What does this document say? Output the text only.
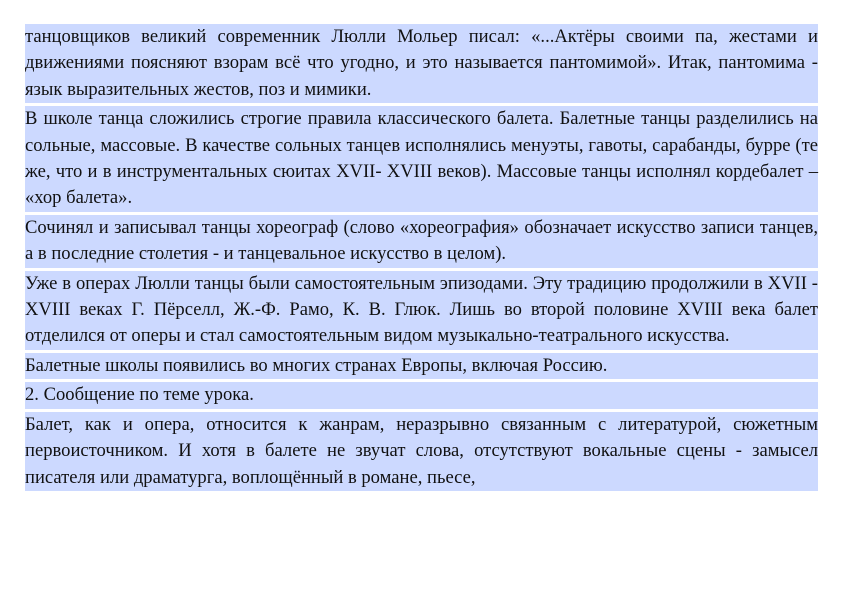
танцовщиков великий современник Люлли Мольер писал: «...Актёры своими па, жестами и движениями поясняют взорам всё что угодно, и это называется пантомимой». Итак, пантомима - язык выразительных жестов, поз и мимики.

В школе танца сложились строгие правила классического балета. Балетные танцы разделились на сольные, массовые. В качестве сольных танцев исполнялись менуэты, гавоты, сарабанды, бурре (те же, что и в инструментальных сюитах XVII- XVIII веков). Массовые танцы исполнял кордебалет – «хор балета».

Сочинял и записывал танцы хореограф (слово «хореография» обозначает искусство записи танцев, а в последние столетия - и танцевальное искусство в целом).

Уже в операх Люлли танцы были самостоятельным эпизодами. Эту традицию продолжили в XVII - XVIII веках Г. Пёрселл, Ж.-Ф. Рамо, К. В. Глюк. Лишь во второй половине XVIII века балет отделился от оперы и стал самостоятельным видом музыкально-театрального искусства.

Балетные школы появились во многих странах Европы, включая Россию.

2. Сообщение по теме урока.

Балет, как и опера, относится к жанрам, неразрывно связанным с литературой, сюжетным первоисточником. И хотя в балете не звучат слова, отсутствуют вокальные сцены - замысел писателя или драматурга, воплощённый в романе, пьесе,
